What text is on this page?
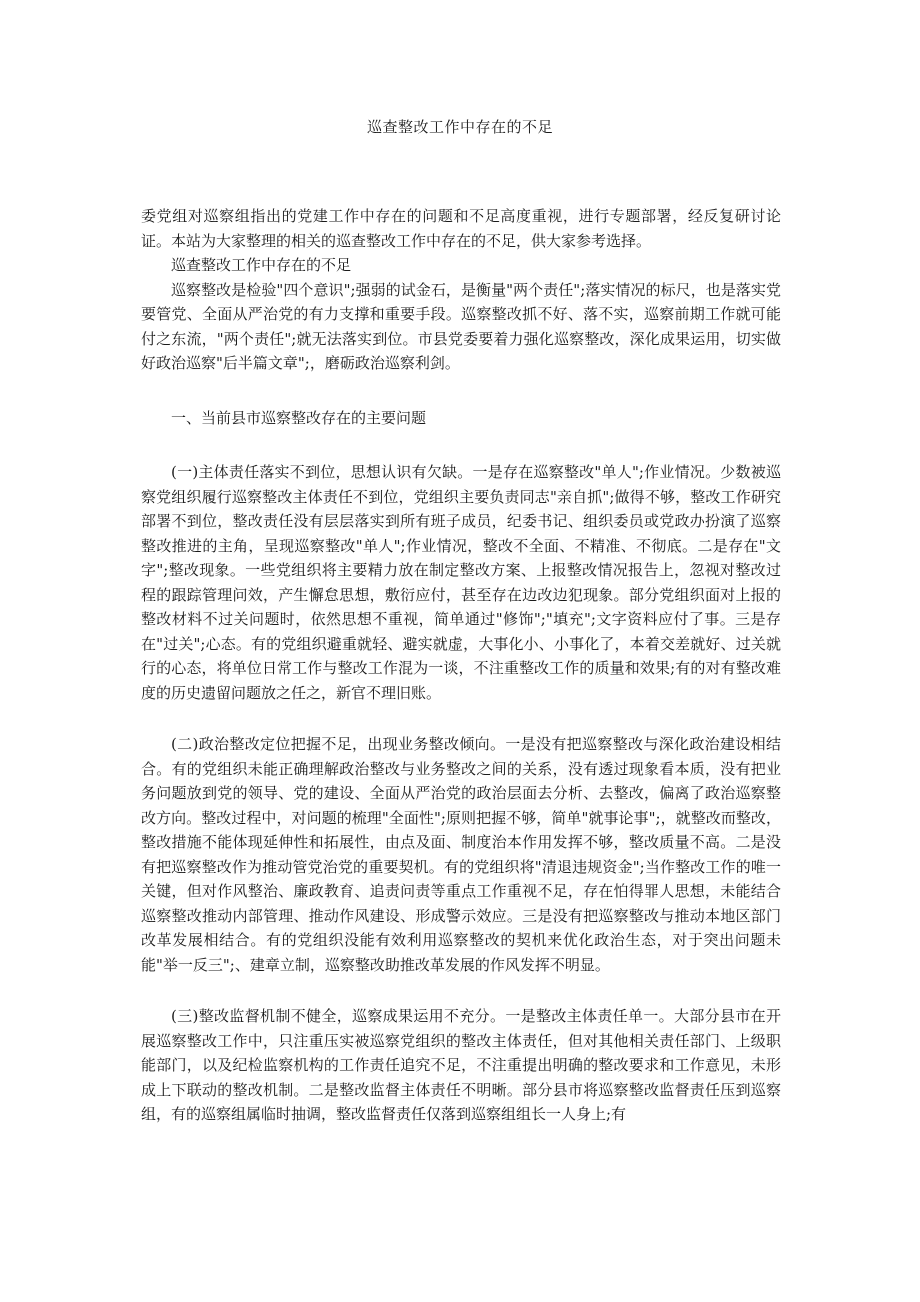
巡查整改工作中存在的不足

委党组对巡察组指出的党建工作中存在的问题和不足高度重视，进行专题部署，经反复研讨论证。本站为大家整理的相关的巡查整改工作中存在的不足，供大家参考选择。

巡查整改工作中存在的不足

巡察整改是检验"四个意识";强弱的试金石，是衡量"两个责任";落实情况的标尺，也是落实党要管党、全面从严治党的有力支撑和重要手段。巡察整改抓不好、落不实，巡察前期工作就可能付之东流，"两个责任";就无法落实到位。市县党委要着力强化巡察整改，深化成果运用，切实做好政治巡察"后半篇文章";，磨砺政治巡察利剑。

一、当前县市巡察整改存在的主要问题

(一)主体责任落实不到位，思想认识有欠缺。一是存在巡察整改"单人";作业情况。少数被巡察党组织履行巡察整改主体责任不到位，党组织主要负责同志"亲自抓";做得不够，整改工作研究部署不到位，整改责任没有层层落实到所有班子成员，纪委书记、组织委员或党政办扮演了巡察整改推进的主角，呈现巡察整改"单人";作业情况，整改不全面、不精准、不彻底。二是存在"文字";整改现象。一些党组织将主要精力放在制定整改方案、上报整改情况报告上，忽视对整改过程的跟踪管理问效，产生懈怠思想，敷衍应付，甚至存在边改边犯现象。部分党组织面对上报的整改材料不过关问题时，依然思想不重视，简单通过"修饰";"填充";文字资料应付了事。三是存在"过关";心态。有的党组织避重就轻、避实就虚，大事化小、小事化了，本着交差就好、过关就行的心态，将单位日常工作与整改工作混为一谈，不注重整改工作的质量和效果;有的对有整改难度的历史遗留问题放之任之，新官不理旧账。

(二)政治整改定位把握不足，出现业务整改倾向。一是没有把巡察整改与深化政治建设相结合。有的党组织未能正确理解政治整改与业务整改之间的关系，没有透过现象看本质，没有把业务问题放到党的领导、党的建设、全面从严治党的政治层面去分析、去整改，偏离了政治巡察整改方向。整改过程中，对问题的梳理"全面性";原则把握不够，简单"就事论事";，就整改而整改，整改措施不能体现延伸性和拓展性，由点及面、制度治本作用发挥不够，整改质量不高。二是没有把巡察整改作为推动管党治党的重要契机。有的党组织将"清退违规资金";当作整改工作的唯一关键，但对作风整治、廉政教育、追责问责等重点工作重视不足，存在怕得罪人思想，未能结合巡察整改推动内部管理、推动作风建设、形成警示效应。三是没有把巡察整改与推动本地区部门改革发展相结合。有的党组织没能有效利用巡察整改的契机来优化政治生态，对于突出问题未能"举一反三";、建章立制，巡察整改助推改革发展的作风发挥不明显。

(三)整改监督机制不健全，巡察成果运用不充分。一是整改主体责任单一。大部分县市在开展巡察整改工作中，只注重压实被巡察党组织的整改主体责任，但对其他相关责任部门、上级职能部门，以及纪检监察机构的工作责任追究不足，不注重提出明确的整改要求和工作意见，未形成上下联动的整改机制。二是整改监督主体责任不明晰。部分县市将巡察整改监督责任压到巡察组，有的巡察组属临时抽调，整改监督责任仅落到巡察组组长一人身上;有
